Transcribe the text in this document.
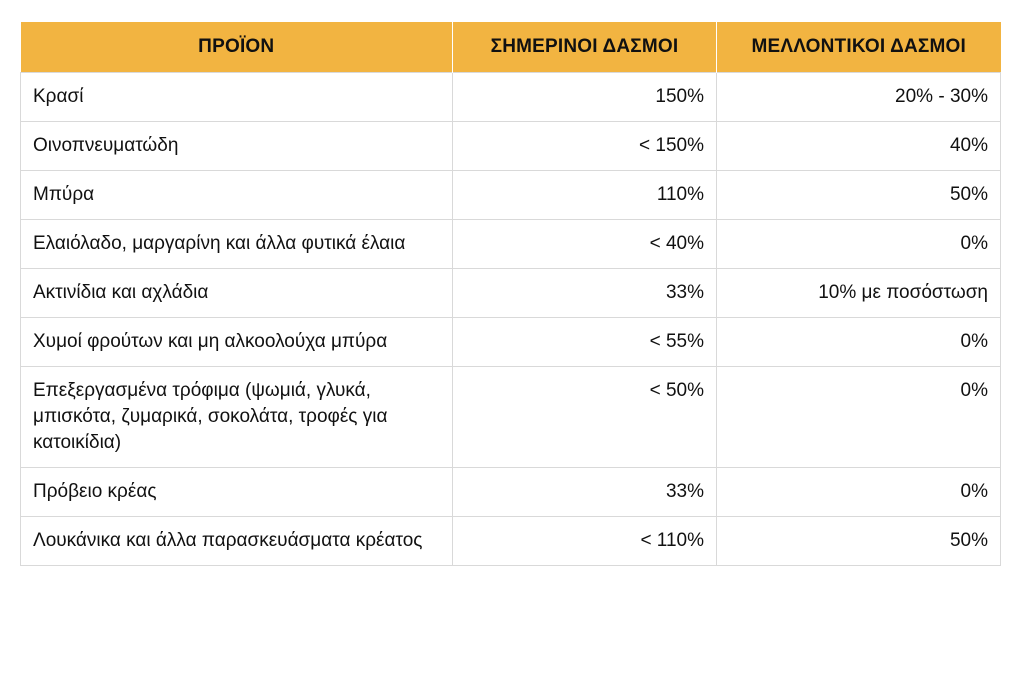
ΠΡΟΪΟΝ	ΣΗΜΕΡΙΝΟΙ ΔΑΣΜΟΙ	ΜΕΛΛΟΝΤΙΚΟΙ ΔΑΣΜΟΙ
Κρασί	150%	20% - 30%
Οινοπνευματώδη	< 150%	40%
Μπύρα	110%	50%
Ελαιόλαδο, μαργαρίνη και άλλα φυτικά έλαια	< 40%	0%
Ακτινίδια και αχλάδια	33%	10% με ποσόστωση
Χυμοί φρούτων και μη αλκοολούχα μπύρα	< 55%	0%
Επεξεργασμένα τρόφιμα (ψωμιά, γλυκά, μπισκότα, ζυμαρικά, σοκολάτα, τροφές για κατοικίδια)	< 50%	0%
Πρόβειο κρέας	33%	0%
Λουκάνικα και άλλα παρασκευάσματα κρέατος	< 110%	50%
